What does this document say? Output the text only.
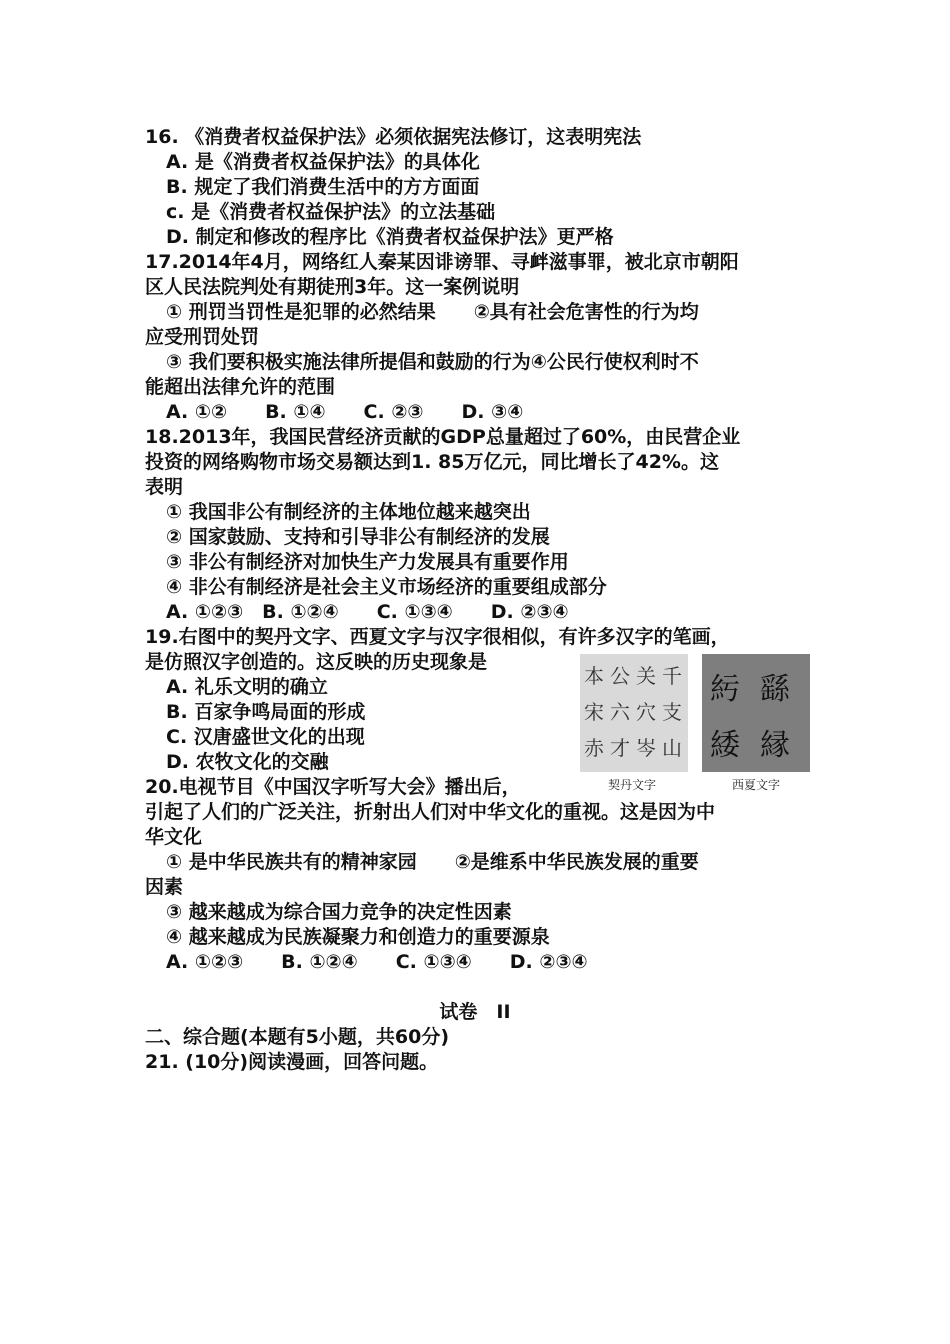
16. 《消费者权益保护法》必须依据宪法修订，这表明宪法
A. 是《消费者权益保护法》的具体化
B. 规定了我们消费生活中的方方面面
c. 是《消费者权益保护法》的立法基础
D. 制定和修改的程序比《消费者权益保护法》更严格
17.2014年4月，网络红人秦某因诽谤罪、寻衅滋事罪，被北京市朝阳
区人民法院判处有期徒刑3年。这一案例说明
① 刑罚当罚性是犯罪的必然结果　　②具有社会危害性的行为均
应受刑罚处罚
③ 我们要积极实施法律所提倡和鼓励的行为④公民行使权利时不
能超出法律允许的范围
A. ①②　　B. ①④　　C. ②③　　D. ③④
18.2013年，我国民营经济贡献的GDP总量超过了60%，由民营企业
投资的网络购物市场交易额达到1. 85万亿元，同比增长了42%。这
表明
① 我国非公有制经济的主体地位越来越突出
② 国家鼓励、支持和引导非公有制经济的发展
③ 非公有制经济对加快生产力发展具有重要作用
④ 非公有制经济是社会主义市场经济的重要组成部分
A. ①②③　B. ①②④　　C. ①③④　　D. ②③④
19.右图中的契丹文字、西夏文字与汉字很相似，有许多汉字的笔画，
是仿照汉字创造的。这反映的历史现象是
A. 礼乐文明的确立
B. 百家争鸣局面的形成
C. 汉唐盛世文化的出现
D. 农牧文化的交融
20.电视节目《中国汉字听写大会》播出后，
引起了人们的广泛关注，折射出人们对中华文化的重视。这是因为中
华文化
① 是中华民族共有的精神家园　　②是维系中华民族发展的重要
因素
③ 越来越成为综合国力竞争的决定性因素
④ 越来越成为民族凝聚力和创造力的重要源泉
A. ①②③　　B. ①②④　　C. ①③④　　D. ②③④
试卷　II
二、综合题(本题有5小题，共60分)
21. (10分)阅读漫画，回答问题。
本 公 关 千
宋 六 穴 支
赤 才 岑 山
䊸 繇
緌 縁
契丹文字	西夏文字
